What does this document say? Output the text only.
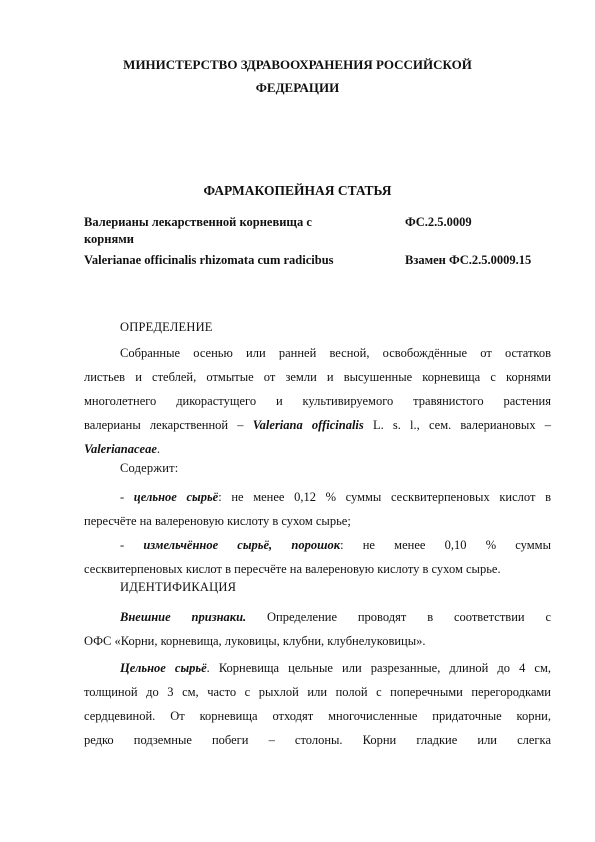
МИНИСТЕРСТВО ЗДРАВООХРАНЕНИЯ РОССИЙСКОЙ
ФЕДЕРАЦИИ
ФАРМАКОПЕЙНАЯ СТАТЬЯ
Валерианы лекарственной корневища с
корнями
ФС.2.5.0009
Valerianae officinalis rhizomata cum radicibus	Взамен ФС.2.5.0009.15
ОПРЕДЕЛЕНИЕ
Собранные осенью или ранней весной, освобождённые от остатков
листьев и стеблей, отмытые от земли и высушенные корневища с корнями
многолетнего дикорастущего и культивируемого травянистого растения
валерианы лекарственной – Valeriana officinalis L. s. l., сем. валериановых –
Valerianaceae.
Содержит:
- цельное сырьё: не менее 0,12 % суммы сесквитерпеновых кислот в
пересчёте на валереновую кислоту в сухом сырье;
- измельчённое сырьё, порошок: не менее 0,10 % суммы
сесквитерпеновых кислот в пересчёте на валереновую кислоту в сухом сырье.
ИДЕНТИФИКАЦИЯ
Внешние признаки. Определение проводят в соответствии с
ОФС «Корни, корневища, луковицы, клубни, клубнелуковицы».
Цельное сырьё. Корневища цельные или разрезанные, длиной до 4 см,
толщиной до 3 см, часто с рыхлой или полой с поперечными перегородками
сердцевиной. От корневища отходят многочисленные придаточные корни,
редко подземные побеги – столоны. Корни гладкие или слегка
